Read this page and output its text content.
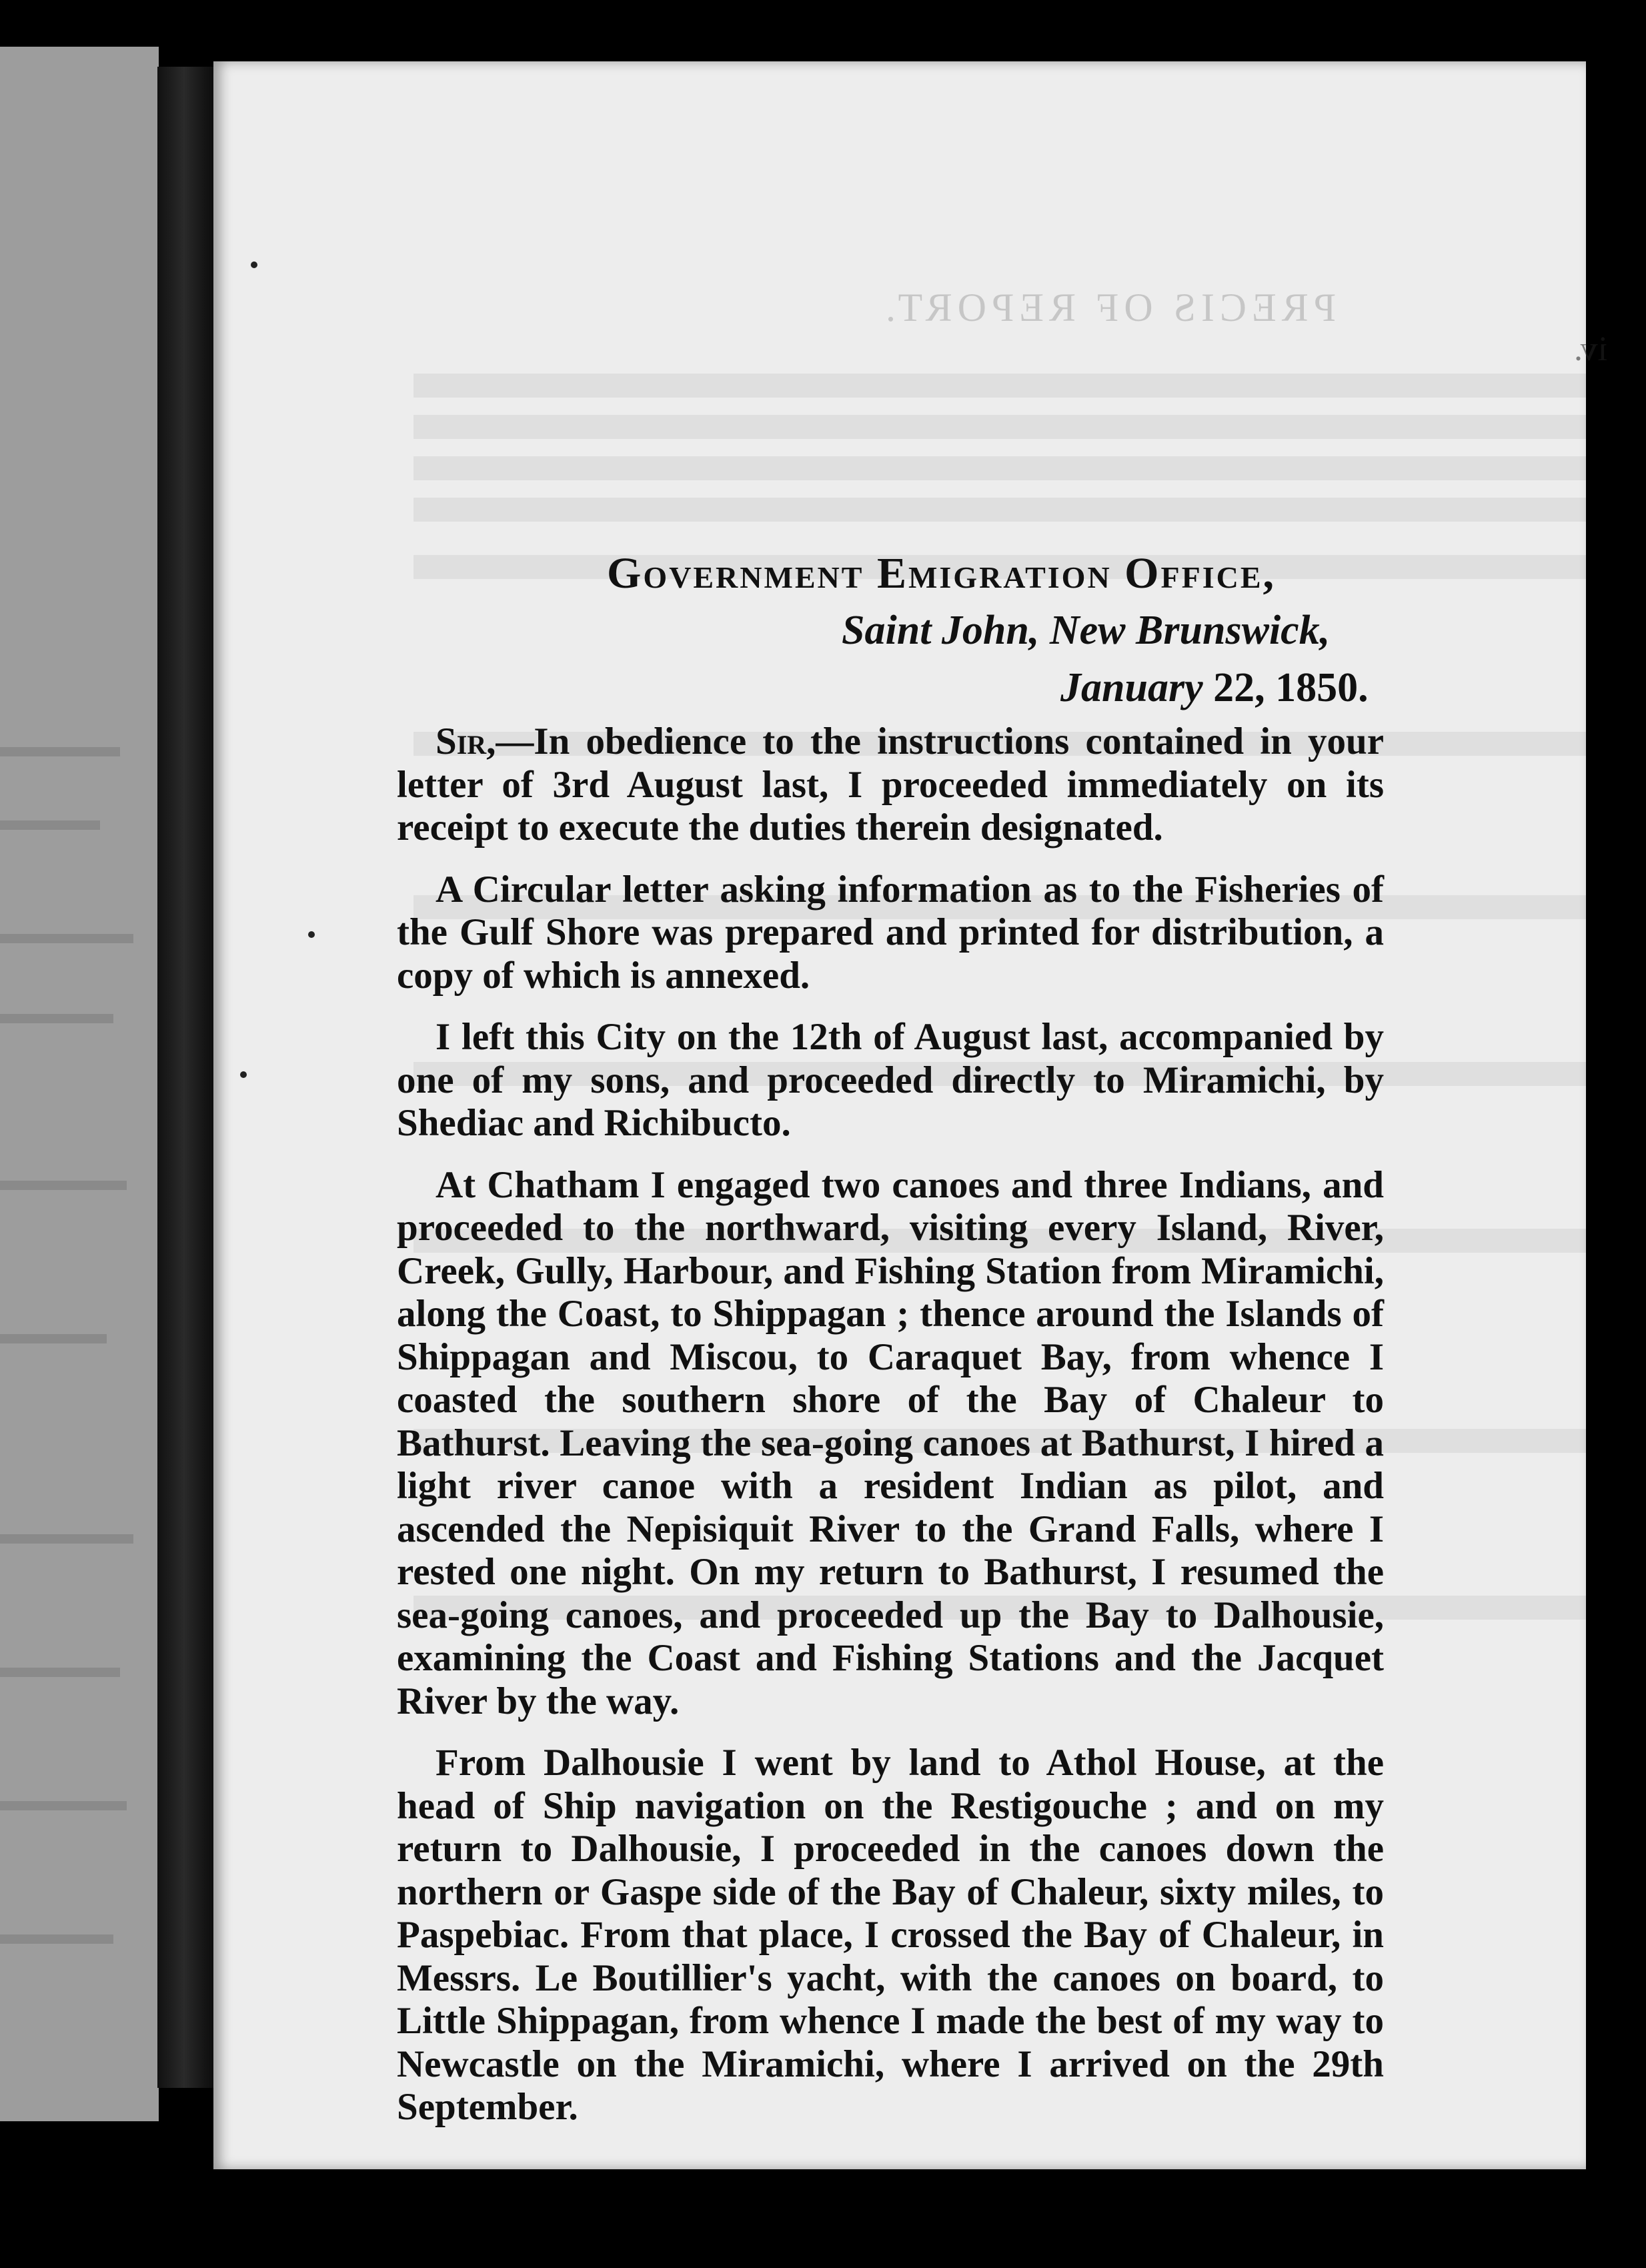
PRECIS OF REPORT.
iv.
Government Emigration Office,
Saint John, New Brunswick,
January 22, 1850.

Sir,—In obedience to the instructions contained in your letter of 3rd August last, I proceeded immediately on its receipt to execute the duties therein designated.

A Circular letter asking information as to the Fisheries of the Gulf Shore was prepared and printed for distribution, a copy of which is annexed.

I left this City on the 12th of August last, accompanied by one of my sons, and proceeded directly to Miramichi, by Shediac and Richibucto.

At Chatham I engaged two canoes and three Indians, and proceeded to the northward, visiting every Island, River, Creek, Gully, Harbour, and Fishing Station from Miramichi, along the Coast, to Shippagan ; thence around the Islands of Shippagan and Miscou, to Caraquet Bay, from whence I coasted the southern shore of the Bay of Chaleur to Bathurst. Leaving the sea-going canoes at Bathurst, I hired a light river canoe with a resident Indian as pilot, and ascended the Nepisiquit River to the Grand Falls, where I rested one night. On my return to Bathurst, I resumed the sea-going canoes, and proceeded up the Bay to Dalhousie, examining the Coast and Fishing Stations and the Jacquet River by the way.

From Dalhousie I went by land to Athol House, at the head of Ship navigation on the Restigouche ; and on my return to Dalhousie, I proceeded in the canoes down the northern or Gaspe side of the Bay of Chaleur, sixty miles, to Paspebiac. From that place, I crossed the Bay of Chaleur, in Messrs. Le Boutillier's yacht, with the canoes on board, to Little Shippagan, from whence I made the best of my way to Newcastle on the Miramichi, where I arrived on the 29th September.
